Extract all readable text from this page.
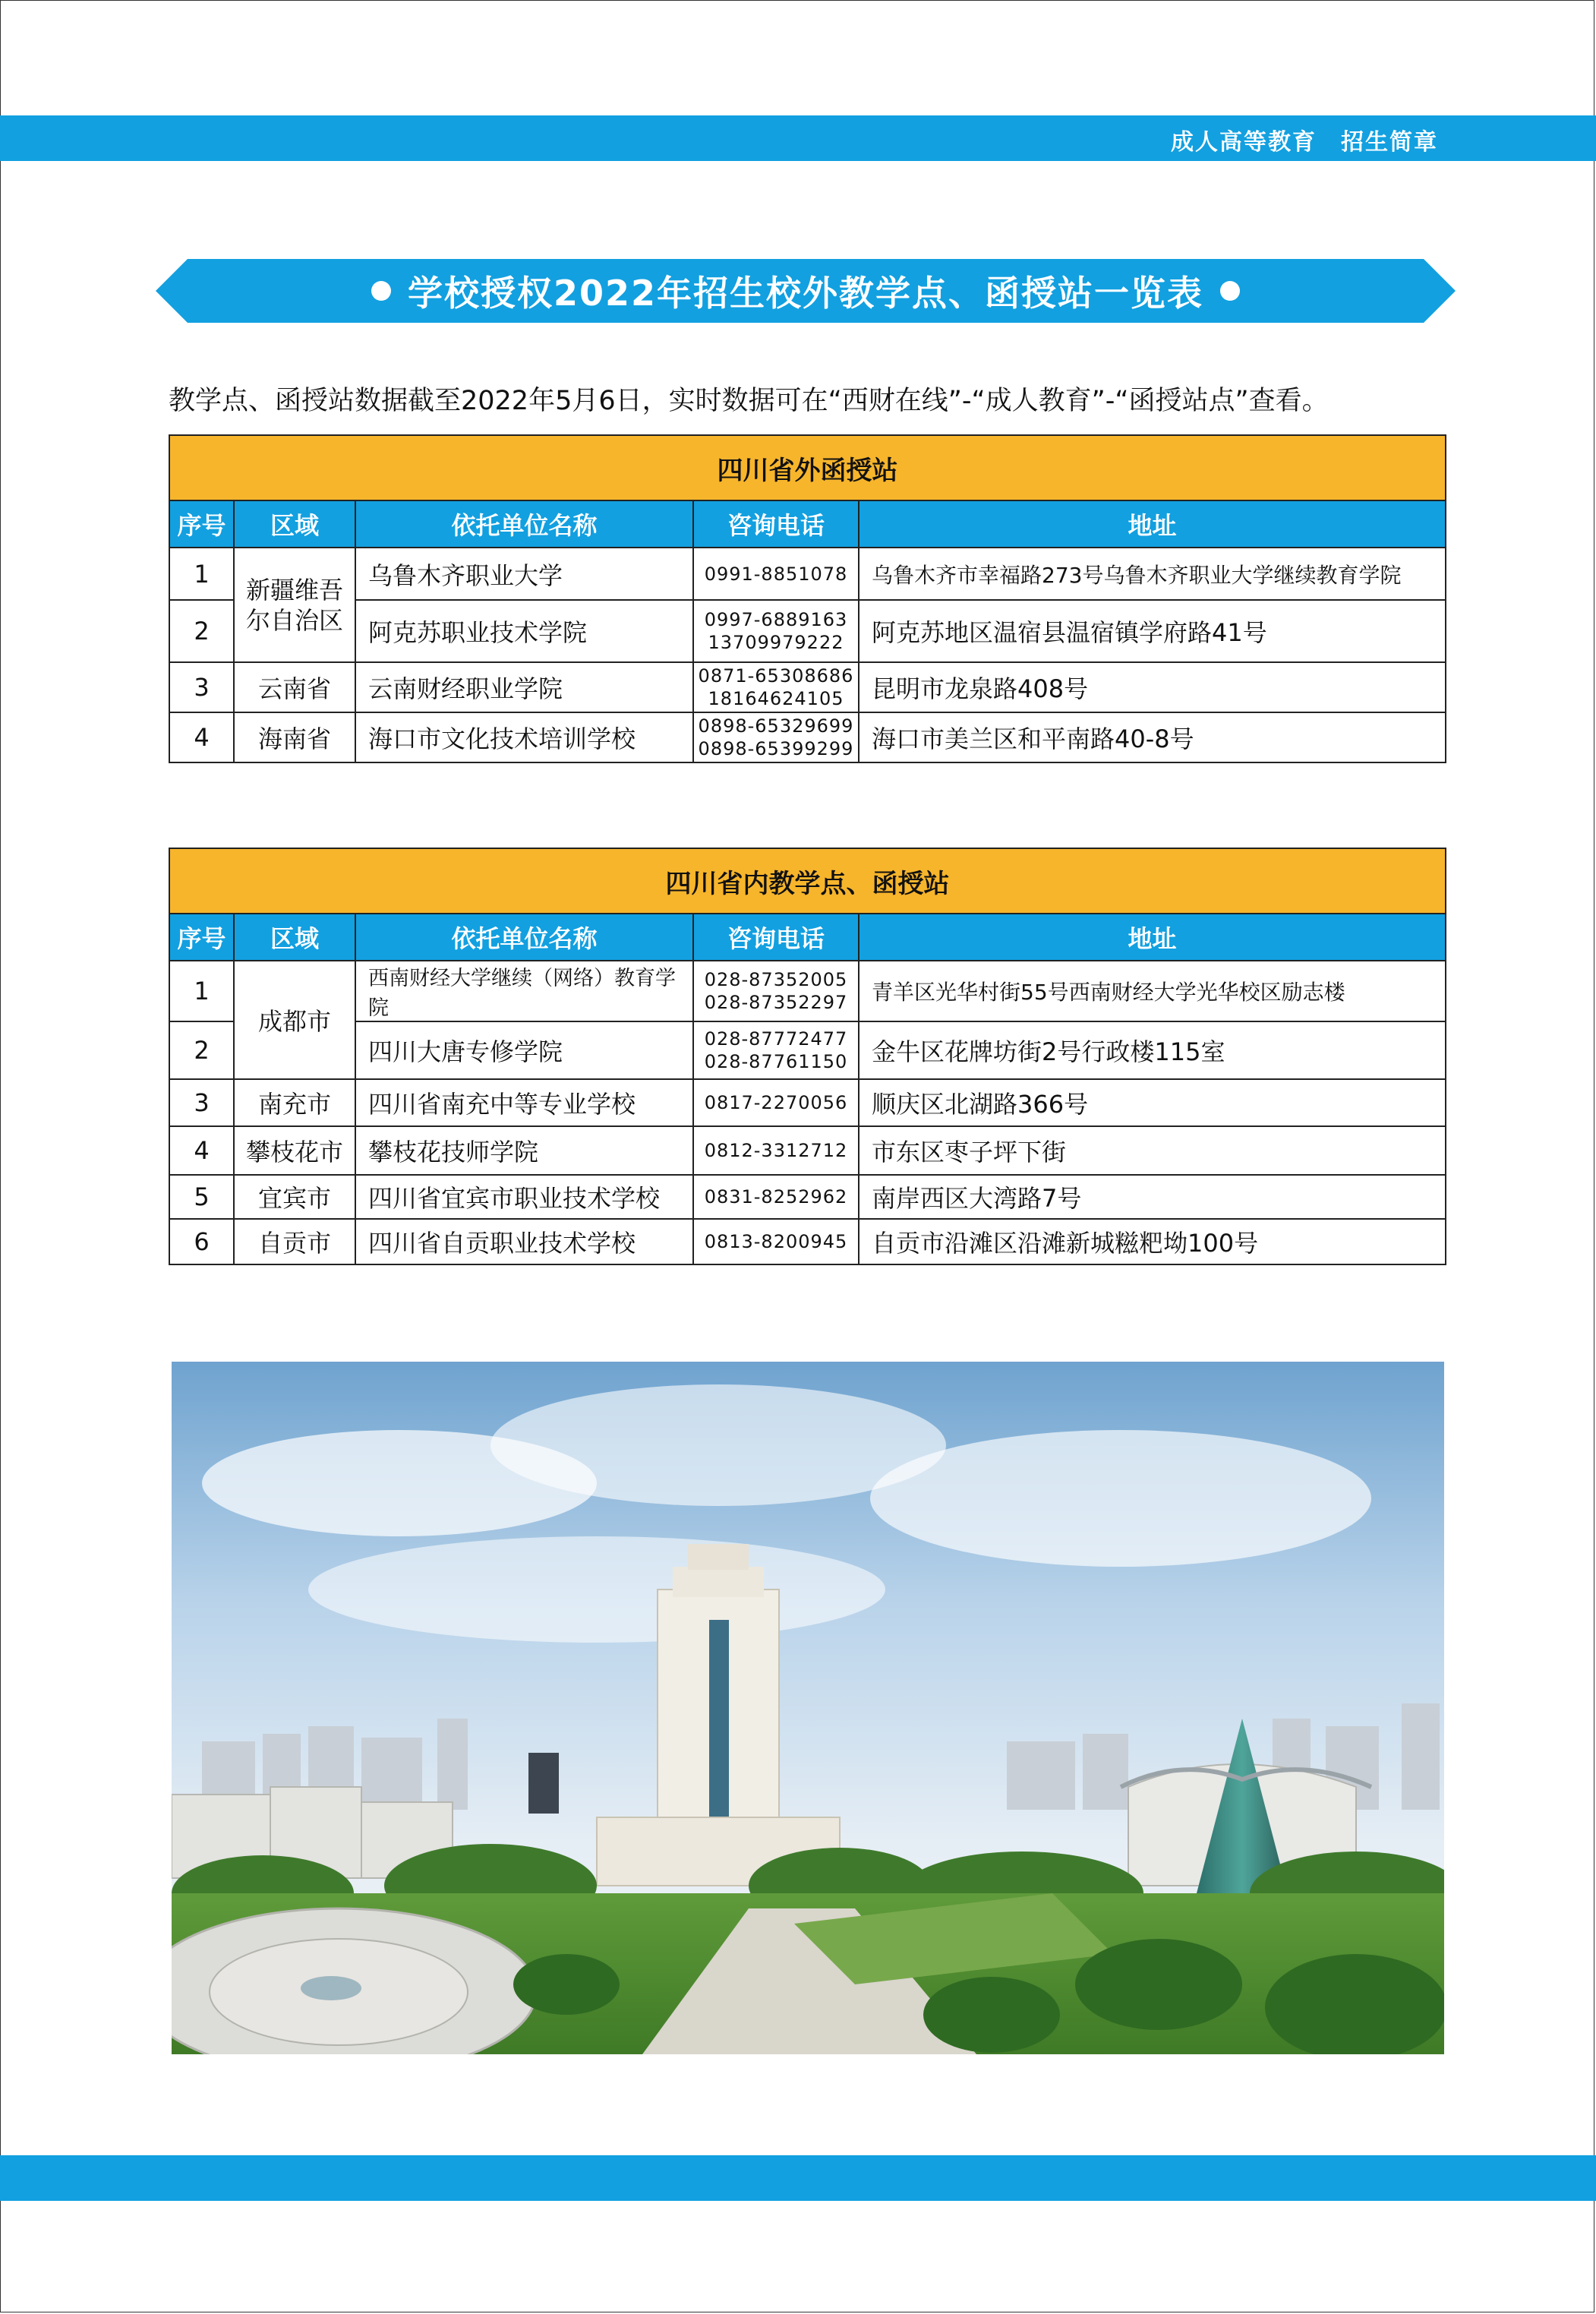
成人高等教育　招生简章
学校授权2022年招生校外教学点、函授站一览表
教学点、函授站数据截至2022年5月6日，实时数据可在“西财在线”-“成人教育”-“函授站点”查看。
四川省外函授站				
序号	区域	依托单位名称	咨询电话	地址
1	新疆维吾尔自治区	乌鲁木齐职业大学	0991-8851078	乌鲁木齐市幸福路273号乌鲁木齐职业大学继续教育学院
2		阿克苏职业技术学院	0997-6889163
13709979222	阿克苏地区温宿县温宿镇学府路41号
3	云南省	云南财经职业学院	0871-65308686
18164624105	昆明市龙泉路408号
4	海南省	海口市文化技术培训学校	0898-65329699
0898-65399299	海口市美兰区和平南路40-8号
四川省内教学点、函授站				
序号	区域	依托单位名称	咨询电话	地址
1	成都市	西南财经大学继续（网络）教育学院	028-87352005
028-87352297	青羊区光华村街55号西南财经大学光华校区励志楼
2		四川大唐专修学院	028-87772477
028-87761150	金牛区花牌坊街2号行政楼115室
3	南充市	四川省南充中等专业学校	0817-2270056	顺庆区北湖路366号
4	攀枝花市	攀枝花技师学院	0812-3312712	市东区枣子坪下街
5	宜宾市	四川省宜宾市职业技术学校	0831-8252962	南岸西区大湾路7号
6	自贡市	四川省自贡职业技术学校	0813-8200945	自贡市沿滩区沿滩新城糍粑坳100号
